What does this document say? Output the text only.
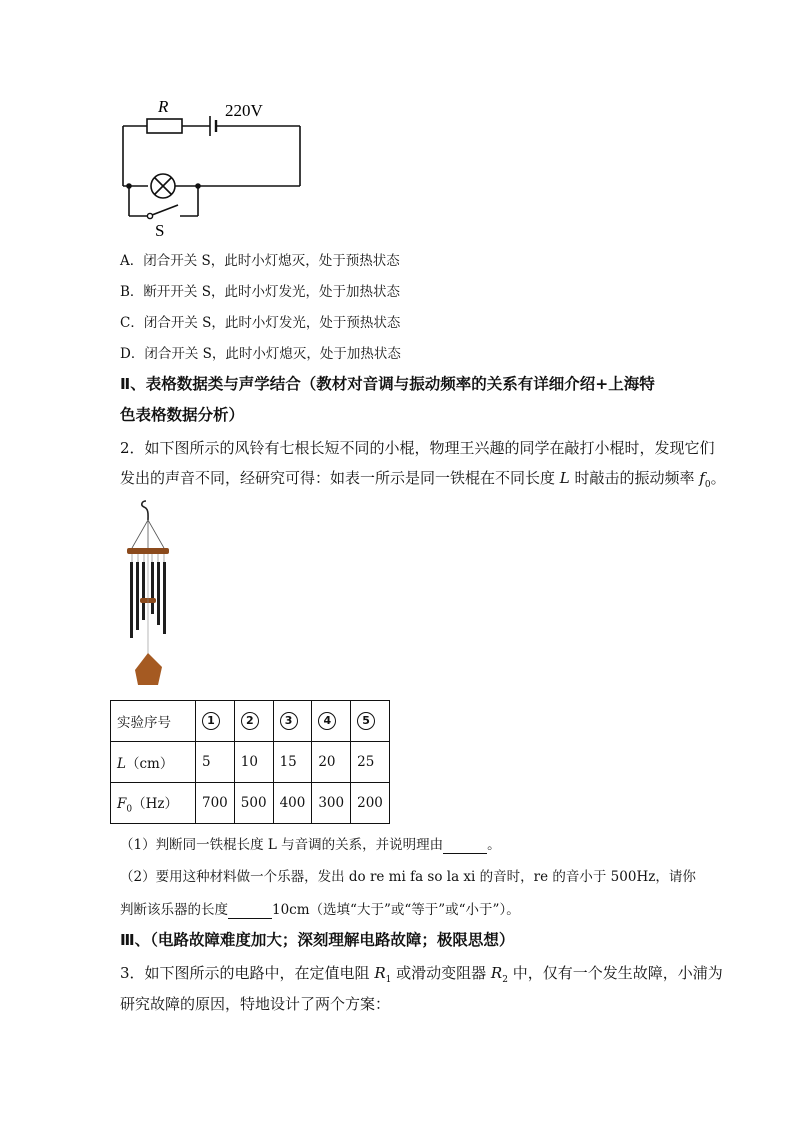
R	220V
S
A．闭合开关 S，此时小灯熄灭，处于预热状态
B．断开开关 S，此时小灯发光，处于加热状态
C．闭合开关 S，此时小灯发光，处于预热状态
D．闭合开关 S，此时小灯熄灭，处于加热状态
Ⅱ、表格数据类与声学结合（教材对音调与振动频率的关系有详细介绍+上海特
色表格数据分析）
2．如下图所示的风铃有七根长短不同的小棍，物理王兴趣的同学在敲打小棍时，发现它们
发出的声音不同，经研究可得：如表一所示是同一铁棍在不同长度 L 时敲击的振动频率 $f_0$。
实验序号	1	2	3	4	5
L（cm）	5	10	15	20	25
$F_0(Hz)$	700	500	400	300	200
（1）判断同一铁棍长度 L 与音调的关系，并说明理由	。
（2）要用这种材料做一个乐器，发出 do re mi fa so la xi 的音时，re 的音小于 500Hz，请你
判断该乐器的长度	10cm（选填“大于”或“等于”或“小于”）。
Ⅲ、（电路故障难度加大；深刻理解电路故障；极限思想）
3．如下图所示的电路中，在定值电阻 $R_1$ 或滑动变阻器 $R_2$ 中，仅有一个发生故障，小浦为
研究故障的原因，特地设计了两个方案：
